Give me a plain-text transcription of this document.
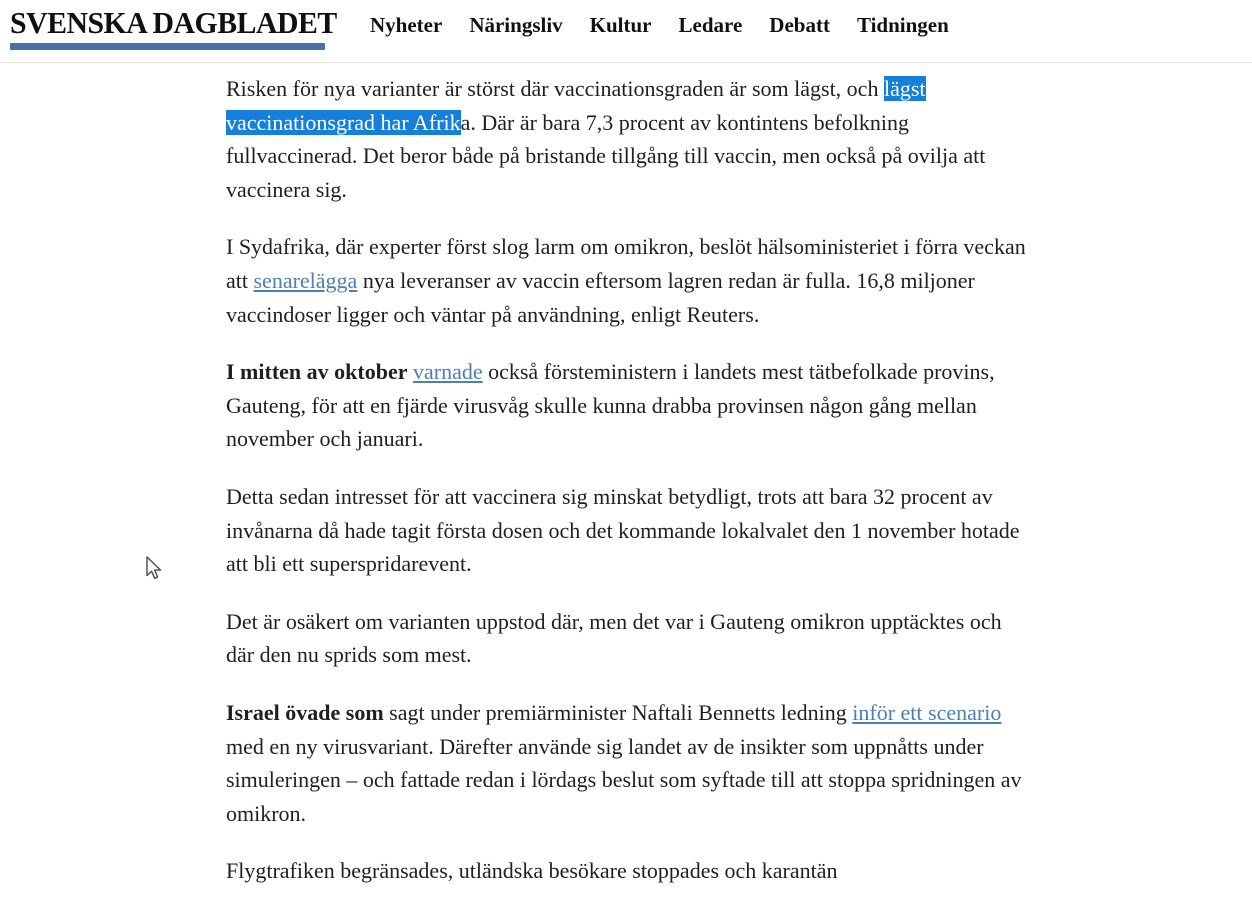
SVENSKA DAGBLADET Nyheter Näringsliv Kultur Ledare Debatt Tidningen

Risken för nya varianter är störst där vaccinationsgraden är som lägst, och lägst vaccinationsgrad har Afrika. Där är bara 7,3 procent av kontintens befolkning fullvaccinerad. Det beror både på bristande tillgång till vaccin, men också på ovilja att vaccinera sig.

I Sydafrika, där experter först slog larm om omikron, beslöt hälsoministeriet i förra veckan att senarelägga nya leveranser av vaccin eftersom lagren redan är fulla. 16,8 miljoner vaccindoser ligger och väntar på användning, enligt Reuters.

I mitten av oktober varnade också försteministern i landets mest tätbefolkade provins, Gauteng, för att en fjärde virusvåg skulle kunna drabba provinsen någon gång mellan november och januari.

Detta sedan intresset för att vaccinera sig minskat betydligt, trots att bara 32 procent av invånarna då hade tagit första dosen och det kommande lokalvalet den 1 november hotade att bli ett superspridarevent.

Det är osäkert om varianten uppstod där, men det var i Gauteng omikron upptäcktes och där den nu sprids som mest.

Israel övade som sagt under premiärminister Naftali Bennetts ledning inför ett scenario med en ny virusvariant. Därefter använde sig landet av de insikter som uppnåtts under simuleringen – och fattade redan i lördags beslut som syftade till att stoppa spridningen av omikron.

Flygtrafiken begränsades, utländska besökare stoppades och karantän
